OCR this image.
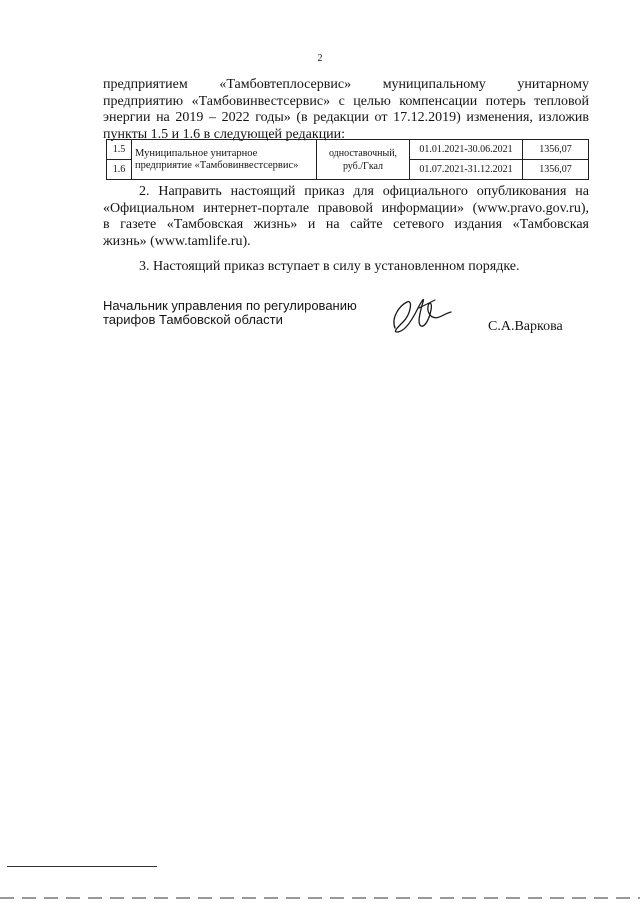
2
предприятием «Тамбовтеплосервис» муниципальному унитарному
предприятию «Тамбовинвестсервис» с целью компенсации потерь тепловой
энергии на 2019 – 2022 годы» (в редакции от 17.12.2019) изменения, изложив
пункты 1.5 и 1.6 в следующей редакции:
1.5	Муниципальное унитарное предприятие «Тамбовинвестсервис»	одноставочный, руб./Гкал	01.01.2021-30.06.2021	1356,07
1.6			01.07.2021-31.12.2021	1356,07
2. Направить настоящий приказ для официального опубликования на
«Официальном интернет-портале правовой информации» (www.pravo.gov.ru),
в газете «Тамбовская жизнь» и на сайте сетевого издания «Тамбовская
жизнь» (www.tamlife.ru).
3. Настоящий приказ вступает в силу в установленном порядке.
Начальник управления по регулированию
тарифов Тамбовской области	С.А.Варкова
